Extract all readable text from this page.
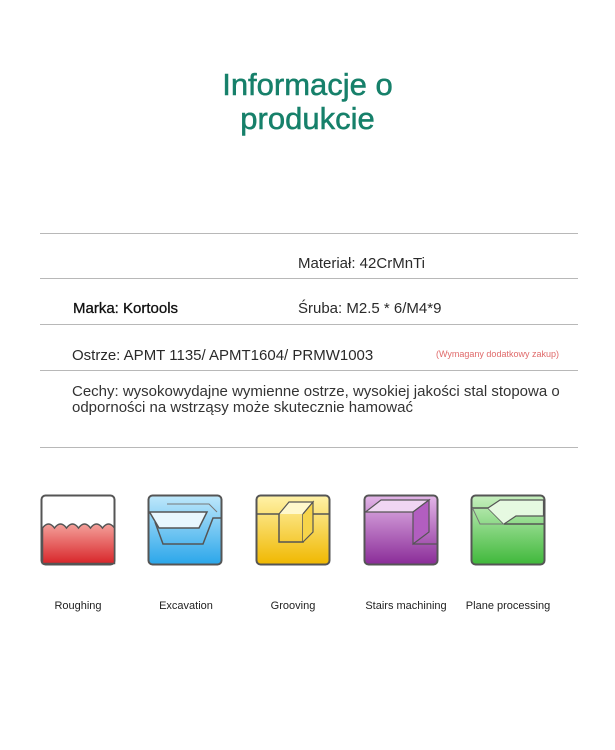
Informacje o
produkcie
Materiał: 42CrMnTi
Marka: Kortools	Śruba: M2.5 * 6/M4*9
Ostrze: APMT 1135/ APMT1604/ PRMW1003	(Wymagany dodatkowy zakup)
Cechy: wysokowydajne wymienne ostrze, wysokiej jakości stal stopowa o odporności na wstrząsy może skutecznie hamować
Roughing	Excavation	Grooving	Stairs machining	Plane processing
